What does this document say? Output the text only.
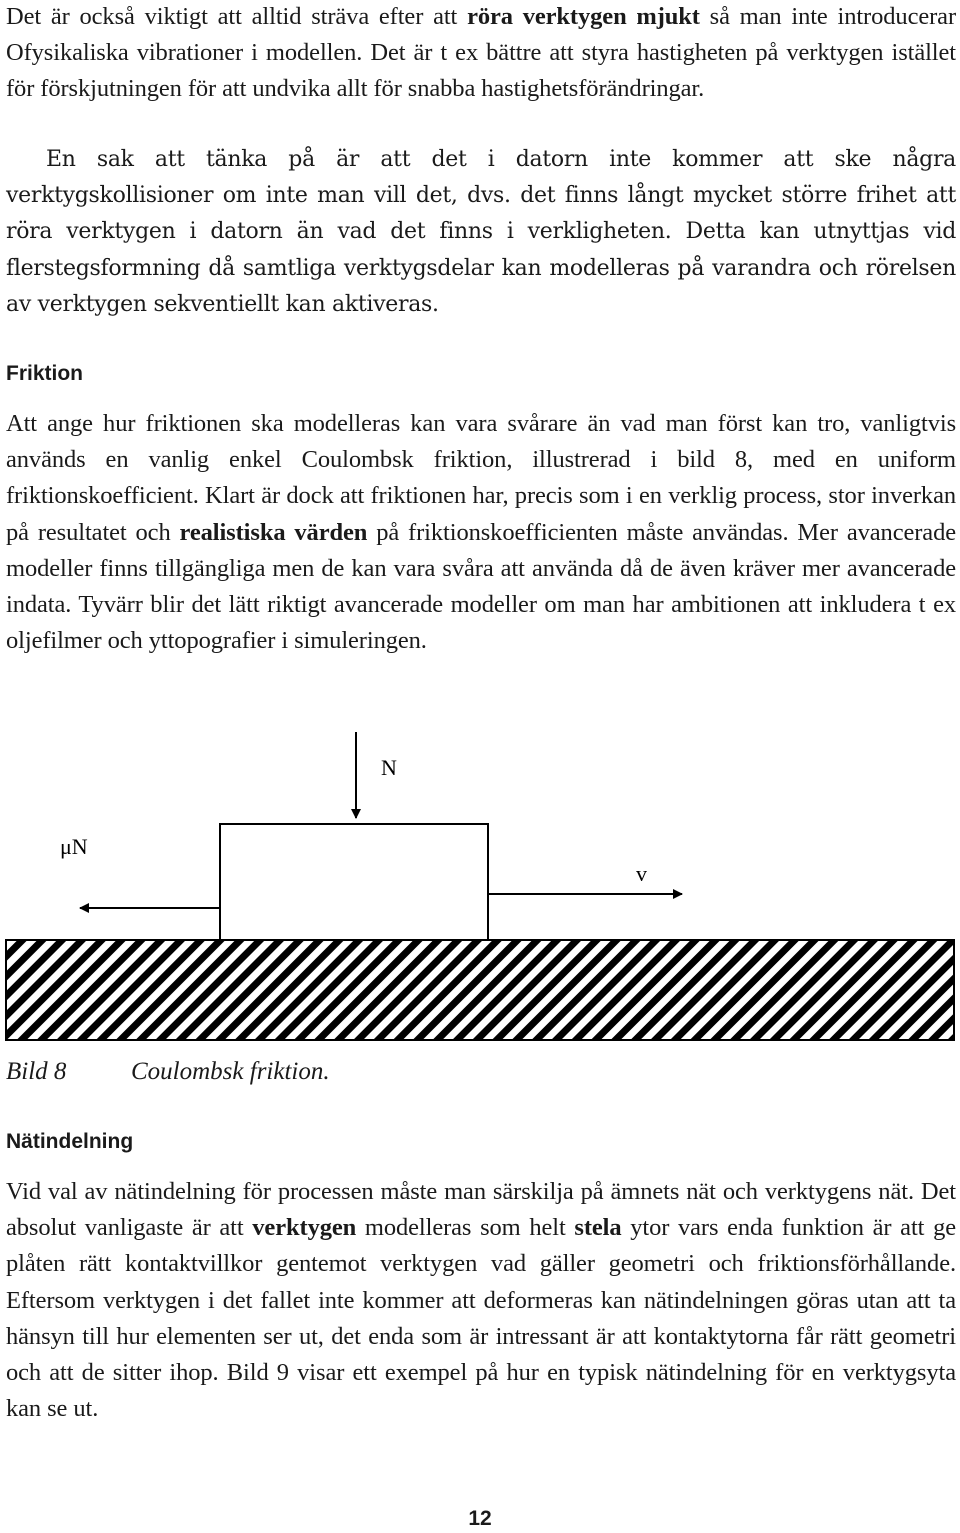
Det är också viktigt att alltid sträva efter att röra verktygen mjukt så man inte introducerar Ofysikaliska vibrationer i modellen. Det är t ex bättre att styra hastigheten på verktygen istället för förskjutningen för att undvika allt för snabba hastighetsförändringar.

En sak att tänka på är att det i datorn inte kommer att ske några verktygskollisioner om inte man vill det, dvs. det finns långt mycket större frihet att röra verktygen i datorn än vad det finns i verkligheten. Detta kan utnyttjas vid flerstegsformning då samtliga verktygsdelar kan modelleras på varandra och rörelsen av verktygen sekventiellt kan aktiveras.

Friktion

Att ange hur friktionen ska modelleras kan vara svårare än vad man först kan tro, vanligtvis används en vanlig enkel Coulombsk friktion, illustrerad i bild 8, med en uniform friktionskoefficient. Klart är dock att friktionen har, precis som i en verklig process, stor inverkan på resultatet och realistiska värden på friktionskoefficienten måste användas. Mer avancerade modeller finns tillgängliga men de kan vara svåra att använda då de även kräver mer avancerade indata. Tyvärr blir det lätt riktigt avancerade modeller om man har ambitionen att inkludera t ex oljefilmer och yttopografier i simuleringen.

N
μN
v

Bild 8	Coulombsk friktion.

Nätindelning

Vid val av nätindelning för processen måste man särskilja på ämnets nät och verktygens nät. Det absolut vanligaste är att verktygen modelleras som helt stela ytor vars enda funktion är att ge plåten rätt kontaktvillkor gentemot verktygen vad gäller geometri och friktionsförhållande. Eftersom verktygen i det fallet inte kommer att deformeras kan nätindelningen göras utan att ta hänsyn till hur elementen ser ut, det enda som är intressant är att kontaktytorna får rätt geometri och att de sitter ihop. Bild 9 visar ett exempel på hur en typisk nätindelning för en verktygsyta kan se ut.

12
